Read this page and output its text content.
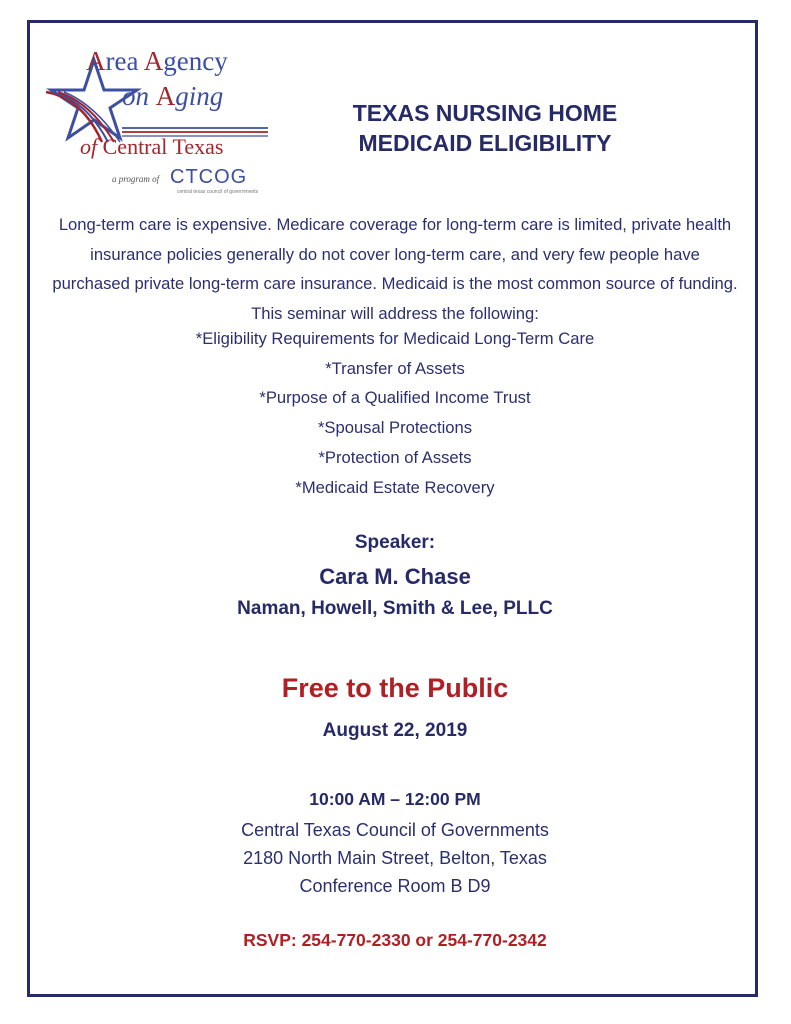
Area Agency
on Aging
of Central Texas
a program of CTCOG
central texas council of governments
TEXAS NURSING HOME
MEDICAID ELIGIBILITY
Long-term care is expensive. Medicare coverage for long-term care is limited, private health insurance policies generally do not cover long-term care, and very few people have purchased private long-term care insurance. Medicaid is the most common source of funding. This seminar will address the following:
*Eligibility Requirements for Medicaid Long-Term Care
*Transfer of Assets
*Purpose of a Qualified Income Trust
*Spousal Protections
*Protection of Assets
*Medicaid Estate Recovery
Speaker:
Cara M. Chase
Naman, Howell, Smith & Lee, PLLC
Free to the Public
August 22, 2019
10:00 AM – 12:00 PM
Central Texas Council of Governments
2180 North Main Street, Belton, Texas
Conference Room B D9
RSVP: 254-770-2330 or 254-770-2342
